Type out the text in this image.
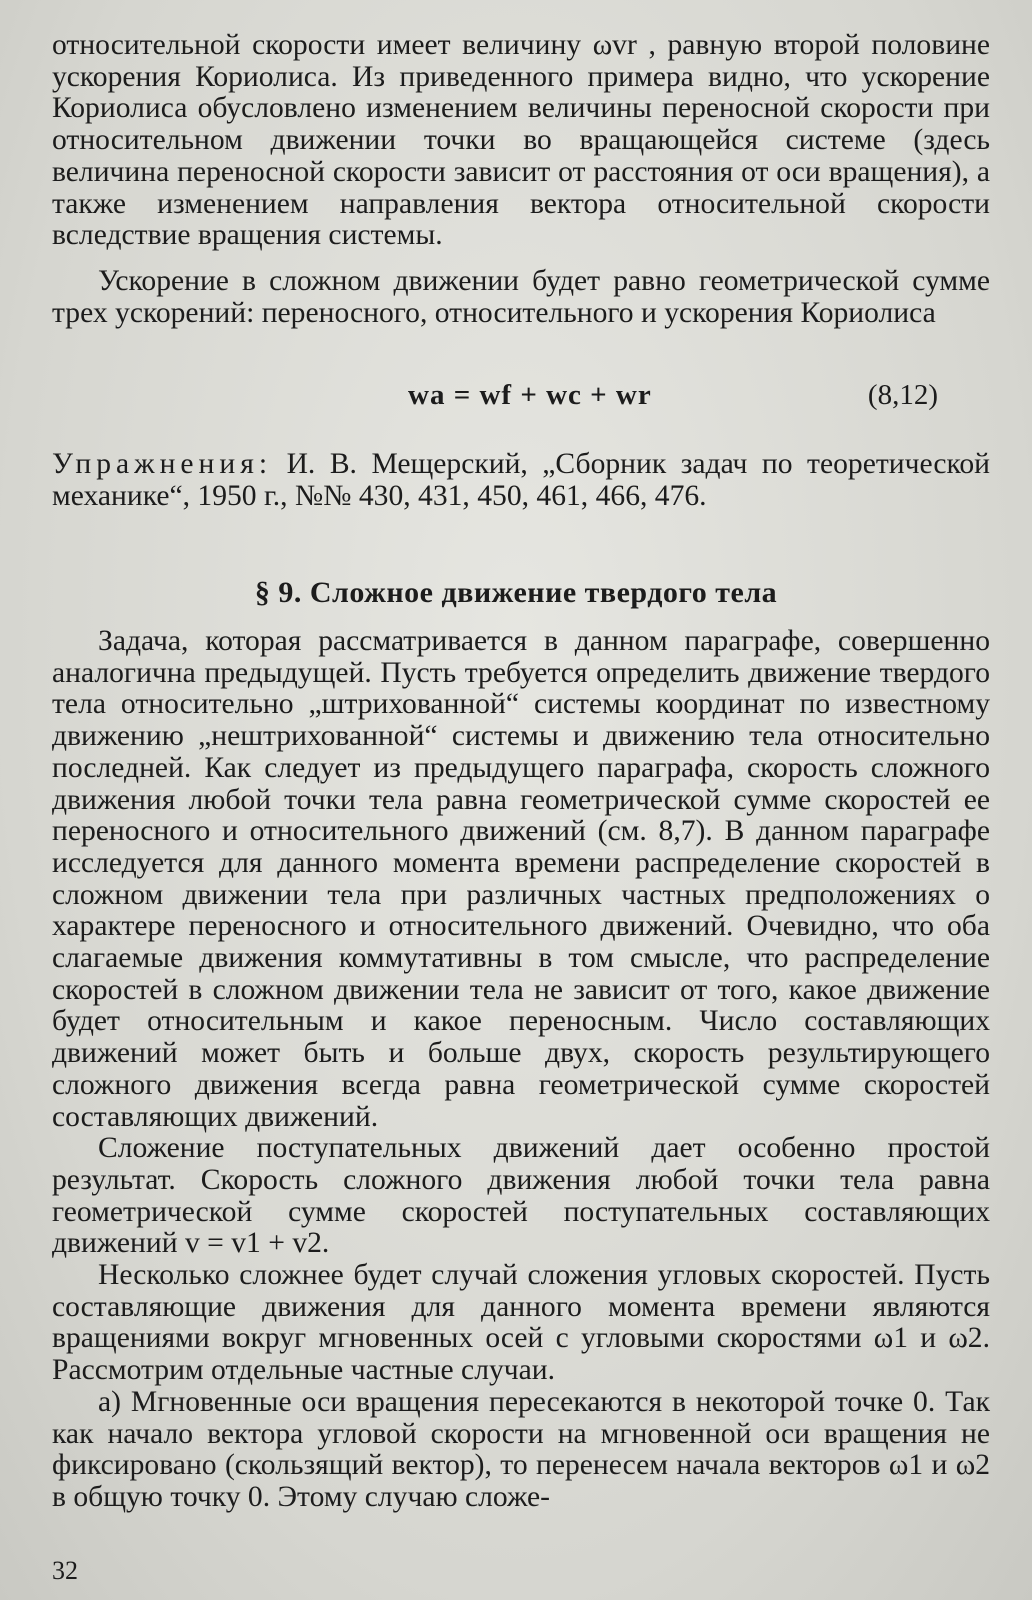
относительной скорости имеет величину ωvr , равную второй половине ускорения Кориолиса. Из приведенного примера видно, что ускорение Кориолиса обусловлено изменением величины переносной скорости при относительном движении точки во вращающейся системе (здесь величина переносной скорости зависит от расстояния от оси вращения), а также изменением направления вектора относительной скорости вследствие вращения системы.

Ускорение в сложном движении будет равно геометрической сумме трех ускорений: переносного, относительного и ускорения Кориолиса

wa = wf + wc + wr	(8,12)

Упражнения: И. В. Мещерский, „Сборник задач по теоретической механике“, 1950 г., №№ 430, 431, 450, 461, 466, 476.

§ 9. Сложное движение твердого тела

Задача, которая рассматривается в данном параграфе, совершенно аналогична предыдущей. Пусть требуется определить движение твердого тела относительно „штрихованной“ системы координат по известному движению „нештрихованной“ системы и движению тела относительно последней. Как следует из предыдущего параграфа, скорость сложного движения любой точки тела равна геометрической сумме скоростей ее переносного и относительного движений (см. 8,7). В данном параграфе исследуется для данного момента времени распределение скоростей в сложном движении тела при различных частных предположениях о характере переносного и относительного движений. Очевидно, что оба слагаемые движения коммутативны в том смысле, что распределение скоростей в сложном движении тела не зависит от того, какое движение будет относительным и какое переносным. Число составляющих движений может быть и больше двух, скорость результирующего сложного движения всегда равна геометрической сумме скоростей составляющих движений.

Сложение поступательных движений дает особенно простой результат. Скорость сложного движения любой точки тела равна геометрической сумме скоростей поступательных составляющих движений v = v1 + v2.

Несколько сложнее будет случай сложения угловых скоростей. Пусть составляющие движения для данного момента времени являются вращениями вокруг мгновенных осей с угловыми скоростями ω1 и ω2. Рассмотрим отдельные частные случаи.

а) Мгновенные оси вращения пересекаются в некоторой точке 0. Так как начало вектора угловой скорости на мгновенной оси вращения не фиксировано (скользящий вектор), то перенесем начала векторов ω1 и ω2 в общую точку 0. Этому случаю сложе-

32
